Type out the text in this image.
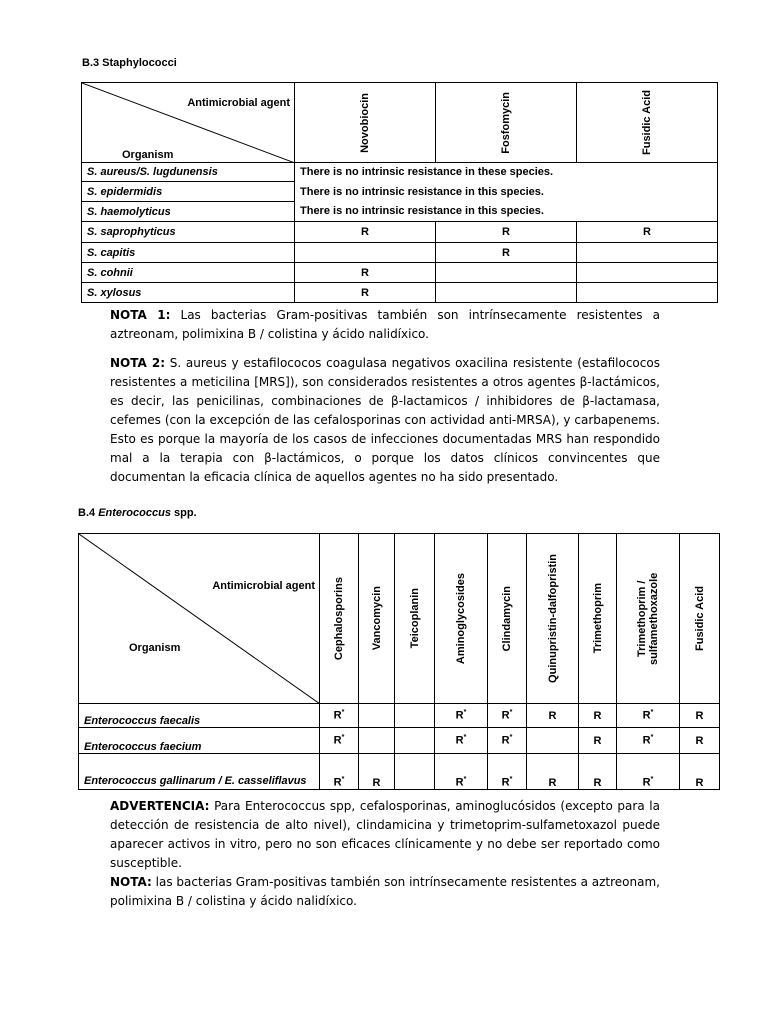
B.3 Staphylococci
Antimicrobial agent
Organism	Novobiocin	Fosfomycin	Fusidic Acid

S. aureus/S. lugdunensis	There is no intrinsic resistance in these species.		
S. epidermidis	There is no intrinsic resistance in this species.		
S. haemolyticus	There is no intrinsic resistance in this species.		
S. saprophyticus	R	R	R
S. capitis		R	
S. cohnii	R		
S. xylosus	R		
NOTA 1: Las bacterias Gram-positivas también son intrínsecamente resistentes a aztreonam, polimixina B / colistina y ácido nalidíxico.
NOTA 2: S. aureus y estafilococos coagulasa negativos oxacilina resistente (estafilococos resistentes a meticilina [MRS]), son considerados resistentes a otros agentes β-lactámicos, es decir, las penicilinas, combinaciones de β-lactamicos / inhibidores de β-lactamasa, cefemes (con la excepción de las cefalosporinas con actividad anti-MRSA), y carbapenems. Esto es porque la mayoría de los casos de infecciones documentadas MRS han respondido mal a la terapia con β-lactámicos, o porque los datos clínicos convincentes que documentan la eficacia clínica de aquellos agentes no ha sido presentado.
B.4 Enterococcus spp.
Antimicrobial agent
Organism	Cephalosporins	Vancomycin	Teicoplanin	Aminoglycosides	Clindamycin	Quinupristin-dalfopristin	Trimethoprim	Trimethoprim / sulfamethoxazole	Fusidic Acid

Enterococcus faecalis	R*			R*	R*	R	R	R*	R
Enterococcus faecium	R*			R*	R*		R	R*	R
Enterococcus gallinarum / E. casseliflavus	R*	R		R*	R*	R	R	R*	R
ADVERTENCIA: Para Enterococcus spp, cefalosporinas, aminoglucósidos (excepto para la detección de resistencia de alto nivel), clindamicina y trimetoprim-sulfametoxazol puede aparecer activos in vitro, pero no son eficaces clínicamente y no debe ser reportado como susceptible.
NOTA: las bacterias Gram-positivas también son intrínsecamente resistentes a aztreonam, polimixina B / colistina y ácido nalidíxico.
